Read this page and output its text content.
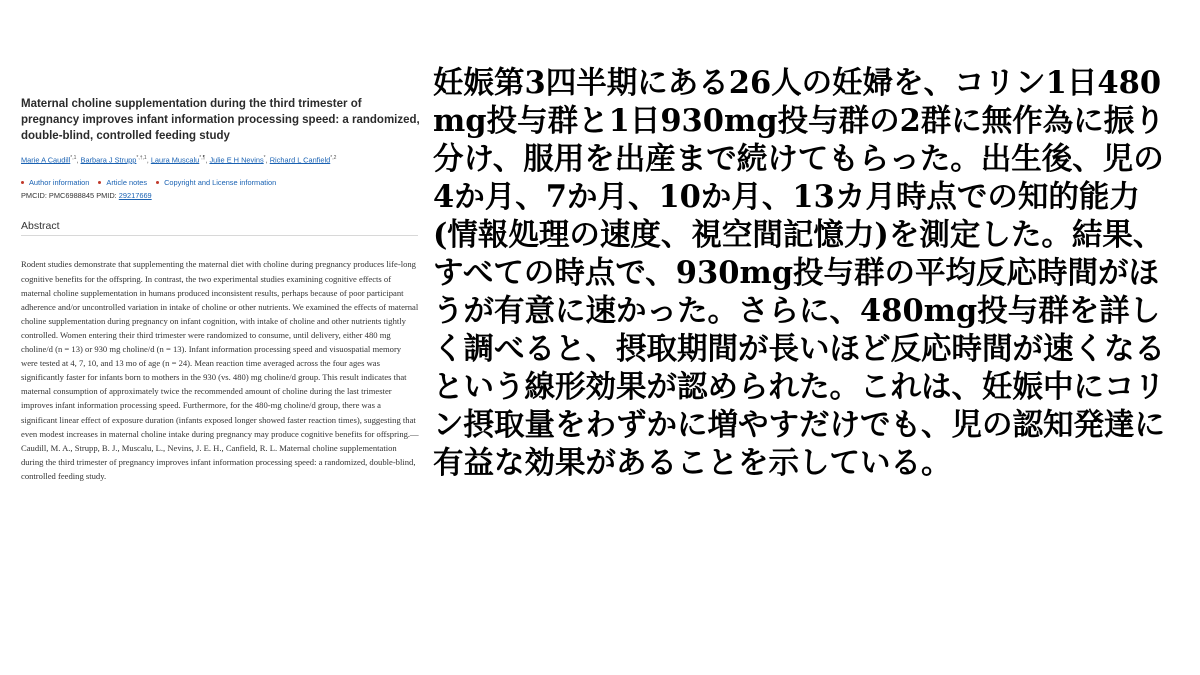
Maternal choline supplementation during the third trimester of pregnancy improves infant information processing speed: a randomized, double-blind, controlled feeding study
Marie A Caudill$^{*,1}$, Barbara J Strupp$^{*,\dagger,1}$, Laura Muscalu*,¶, Julie E H Nevins*, Richard L Canfield$^{*,2}$
Author information Article notes Copyright and License information
PMCID: PMC6988845 PMID: 29217669
Abstract
Rodent studies demonstrate that supplementing the maternal diet with choline during pregnancy produces life-long cognitive benefits for the offspring. In contrast, the two experimental studies examining cognitive effects of maternal choline supplementation in humans produced inconsistent results, perhaps because of poor participant adherence and/or uncontrolled variation in intake of choline or other nutrients. We examined the effects of maternal choline supplementation during pregnancy on infant cognition, with intake of choline and other nutrients tightly controlled. Women entering their third trimester were randomized to consume, until delivery, either 480 mg choline/d (n = 13) or 930 mg choline/d (n = 13). Infant information processing speed and visuospatial memory were tested at 4, 7, 10, and 13 mo of age (n = 24). Mean reaction time averaged across the four ages was significantly faster for infants born to mothers in the 930 (vs. 480) mg choline/d group. This result indicates that maternal consumption of approximately twice the recommended amount of choline during the last trimester improves infant information processing speed. Furthermore, for the 480-mg choline/d group, there was a significant linear effect of exposure duration (infants exposed longer showed faster reaction times), suggesting that even modest increases in maternal choline intake during pregnancy may produce cognitive benefits for offspring.—Caudill, M. A., Strupp, B. J., Muscalu, L., Nevins, J. E. H., Canfield, R. L. Maternal choline supplementation during the third trimester of pregnancy improves infant information processing speed: a randomized, double-blind, controlled feeding study.
妊娠第3四半期にある26人の妊婦を、コリン1日480mg投与群と1日930mg投与群の2群に無作為に振り分け、服用を出産まで続けてもらった。出生後、児の4か月、7か月、10か月、13カ月時点での知的能力(情報処理の速度、視空間記憶力)を測定した。結果、すべての時点で、930mg投与群の平均反応時間がほうが有意に速かった。さらに、480mg投与群を詳しく調べると、摂取期間が長いほど反応時間が速くなるという線形効果が認められた。これは、妊娠中にコリン摂取量をわずかに増やすだけでも、児の認知発達に有益な効果があることを示している。
